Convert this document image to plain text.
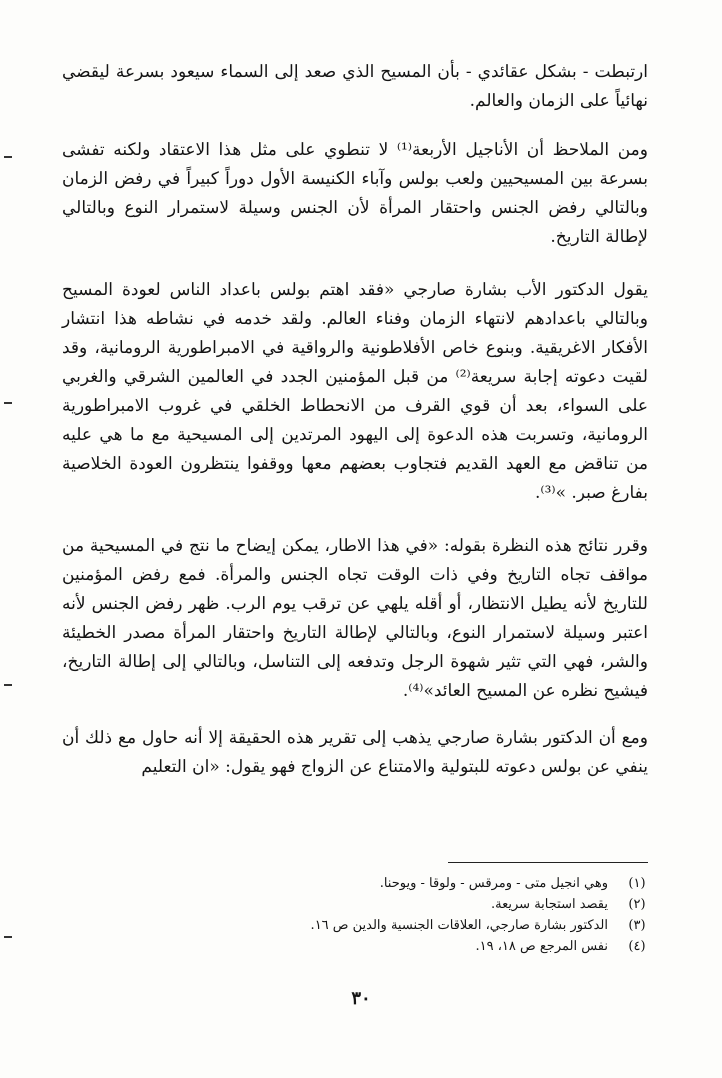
ارتبطت - بشكل عقائدي - بأن المسيح الذي صعد إلى السماء سيعود بسرعة ليقضي نهائياً على الزمان والعالم.

ومن الملاحظ أن الأناجيل الأربعة⁽¹⁾ لا تنطوي على مثل هذا الاعتقاد ولكنه تفشى بسرعة بين المسيحيين ولعب بولس وآباء الكنيسة الأول دوراً كبيراً في رفض الزمان وبالتالي رفض الجنس واحتقار المرأة لأن الجنس وسيلة لاستمرار النوع وبالتالي لإطالة التاريخ.

يقول الدكتور الأب بشارة صارجي «فقد اهتم بولس باعداد الناس لعودة المسيح وبالتالي باعدادهم لانتهاء الزمان وفناء العالم. ولقد خدمه في نشاطه هذا انتشار الأفكار الاغريقية. وبنوع خاص الأفلاطونية والرواقية في الامبراطورية الرومانية، وقد لقيت دعوته إجابة سريعة⁽²⁾ من قبل المؤمنين الجدد في العالمين الشرقي والغربي على السواء، بعد أن قوي القرف من الانحطاط الخلقي في غروب الامبراطورية الرومانية، وتسربت هذه الدعوة إلى اليهود المرتدين إلى المسيحية مع ما هي عليه من تناقض مع العهد القديم فتجاوب بعضهم معها ووقفوا ينتظرون العودة الخلاصية بفارغ صبر. »⁽³⁾.

وقرر نتائج هذه النظرة بقوله: «في هذا الاطار، يمكن إيضاح ما نتج في المسيحية من مواقف تجاه التاريخ وفي ذات الوقت تجاه الجنس والمرأة. فمع رفض المؤمنين للتاريخ لأنه يطيل الانتظار، أو أقله يلهي عن ترقب يوم الرب. ظهر رفض الجنس لأنه اعتبر وسيلة لاستمرار النوع، وبالتالي لإطالة التاريخ واحتقار المرأة مصدر الخطيئة والشر، فهي التي تثير شهوة الرجل وتدفعه إلى التناسل، وبالتالي إلى إطالة التاريخ، فيشيح نظره عن المسيح العائد»⁽⁴⁾.

ومع أن الدكتور بشارة صارجي يذهب إلى تقرير هذه الحقيقة إلا أنه حاول مع ذلك أن ينفي عن بولس دعوته للبتولية والامتناع عن الزواج فهو يقول: «ان التعليم

(١)
وهي انجيل متى - ومرقس - ولوقا - ويوحنا.
(٢)
يقصد استجابة سريعة.
(٣)
الدكتور بشارة صارجي، العلاقات الجنسية والدين ص ١٦.
(٤)
نفس المرجع ص ١٨، ١٩.
٣٠
